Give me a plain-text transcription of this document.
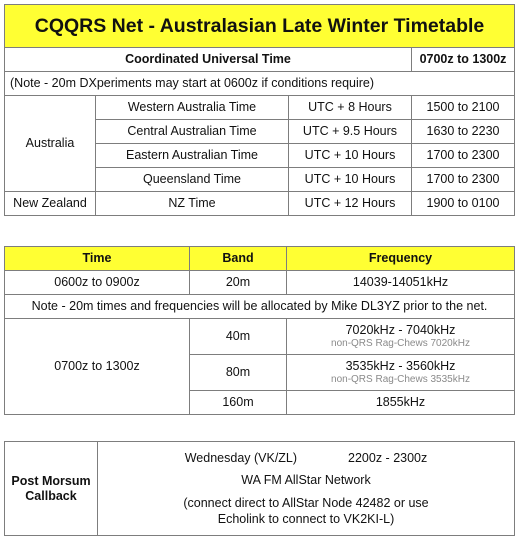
CQQRS Net - Australasian Late Winter Timetable			
Coordinated Universal Time			0700z to 1300z
(Note - 20m DXperiments may start at 0600z if conditions require)			
Australia	Western Australia Time	UTC + 8 Hours	1500 to 2100
	Central Australian Time	UTC + 9.5 Hours	1630 to 2230
	Eastern Australian Time	UTC + 10 Hours	1700 to 2300
	Queensland Time	UTC + 10 Hours	1700 to 2300
New Zealand	NZ Time	UTC + 12 Hours	1900 to 0100
Time	Band	Frequency
0600z to 0900z	20m	14039-14051kHz
Note - 20m times and frequencies will be allocated by Mike DL3YZ prior to the net.		
0700z to 1300z	40m	7020kHz - 7040kHz
non-QRS Rag-Chews 7020kHz

	80m	3535kHz - 3560kHz
non-QRS Rag-Chews 3535kHz

	160m	1855kHz
Post Morsum
Callback

Wednesday (VK/ZL)	2200z - 2300z
WA FM AllStar Network
(connect direct to AllStar Node 42482 or use
Echolink to connect to VK2KI-L)
